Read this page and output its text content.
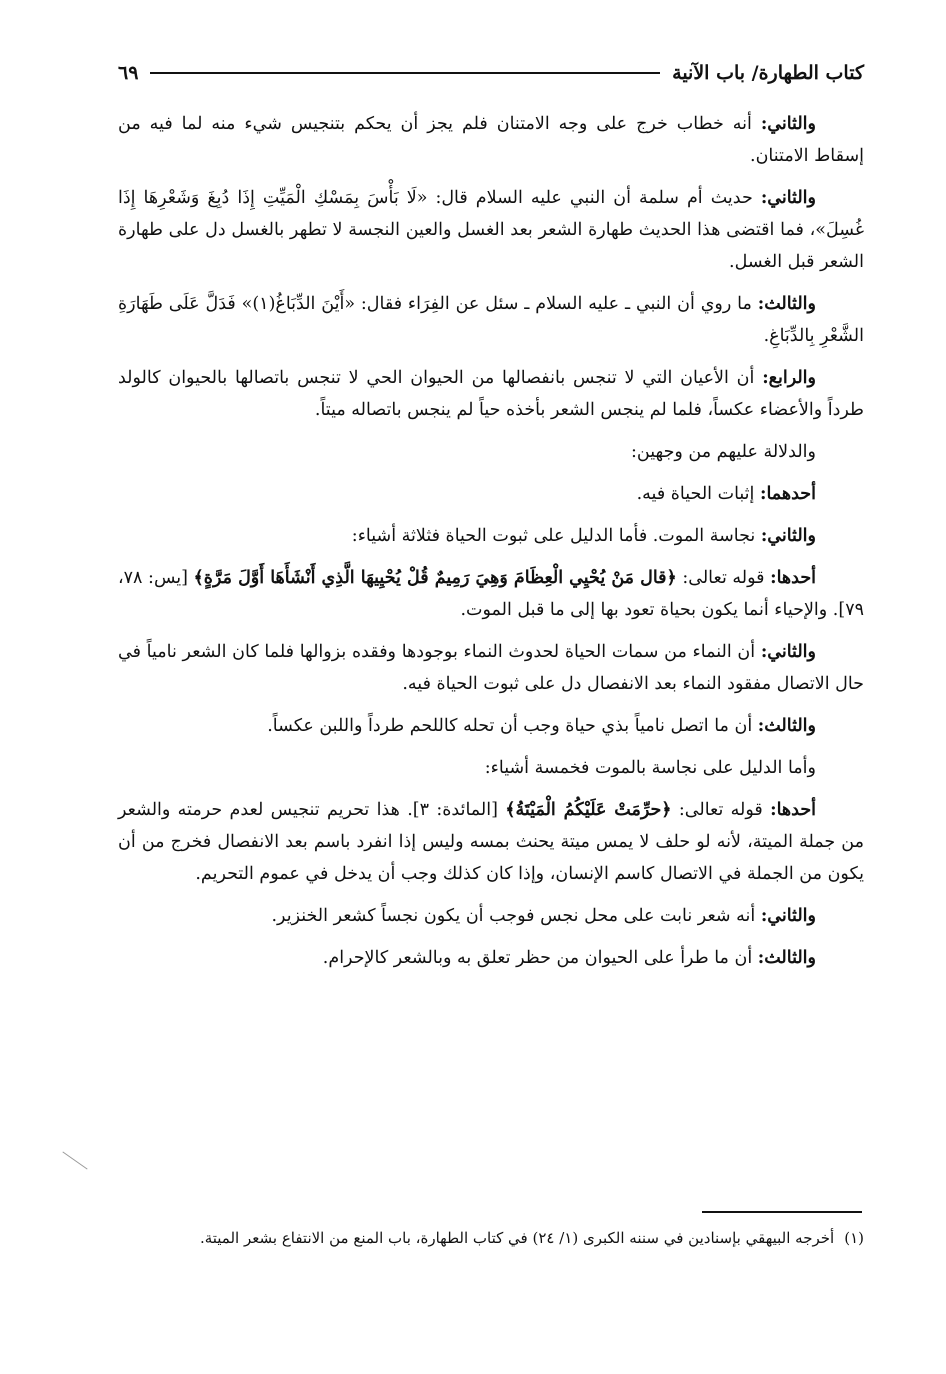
كتاب الطهارة/ باب الآنية
٦٩

والثاني: أنه خطاب خرج على وجه الامتنان فلم يجز أن يحكم بتنجيس شيء منه لما فيه من إسقاط الامتنان.

والثاني: حديث أم سلمة أن النبي عليه السلام قال: «لَا بَأْسَ بِمَسْكِ الْمَيِّتِ إِذَا دُبِغَ وَشَعْرِهَا إِذَا غُسِلَ»، فما اقتضى هذا الحديث طهارة الشعر بعد الغسل والعين النجسة لا تطهر بالغسل دل على طهارة الشعر قبل الغسل.

والثالث: ما روي أن النبي ـ عليه السلام ـ سئل عن الفِرَاء فقال: «أَيْنَ الدِّبَاغُ(١)» فَدَلَّ عَلَى طَهَارَةِ الشَّعْرِ بِالدِّبَاغِ.

والرابع: أن الأعيان التي لا تنجس بانفصالها من الحيوان الحي لا تنجس باتصالها بالحيوان كالولد طرداً والأعضاء عكساً، فلما لم ينجس الشعر بأخذه حياً لم ينجس باتصاله ميتاً.

والدلالة عليهم من وجهين:

أحدهما: إثبات الحياة فيه.

والثاني: نجاسة الموت. فأما الدليل على ثبوت الحياة فثلاثة أشياء:

أحدها: قوله تعالى: ﴿قال مَنْ يُحْيِي الْعِظَامَ وَهِيَ رَمِيمٌ قُلْ يُحْيِيهَا الَّذِي أَنْشَأَهَا أَوَّلَ مَرَّةٍ﴾ [يس: ٧٨، ٧٩]. والإحياء أنما يكون بحياة تعود بها إلى ما قبل الموت.

والثاني: أن النماء من سمات الحياة لحدوث النماء بوجودها وفقده بزوالها فلما كان الشعر نامياً في حال الاتصال مفقود النماء بعد الانفصال دل على ثبوت الحياة فيه.

والثالث: أن ما اتصل نامياً بذي حياة وجب أن تحله كاللحم طرداً واللبن عكساً.

وأما الدليل على نجاسة بالموت فخمسة أشياء:

أحدها: قوله تعالى: ﴿حرِّمَتْ عَلَيْكُمُ الْمَيْتَةُ﴾ [المائدة: ٣]. هذا تحريم تنجيس لعدم حرمته والشعر من جملة الميتة، لأنه لو حلف لا يمس ميتة يحنث بمسه وليس إذا انفرد باسم بعد الانفصال فخرج من أن يكون من الجملة في الاتصال كاسم الإنسان، وإذا كان كذلك وجب أن يدخل في عموم التحريم.

والثاني: أنه شعر نابت على محل نجس فوجب أن يكون نجساً كشعر الخنزير.

والثالث: أن ما طرأ على الحيوان من حظر تعلق به وبالشعر كالإحرام.

(١)أخرجه البيهقي بإسنادين في سننه الكبرى (١/ ٢٤) في كتاب الطهارة، باب المنع من الانتفاع بشعر الميتة.
